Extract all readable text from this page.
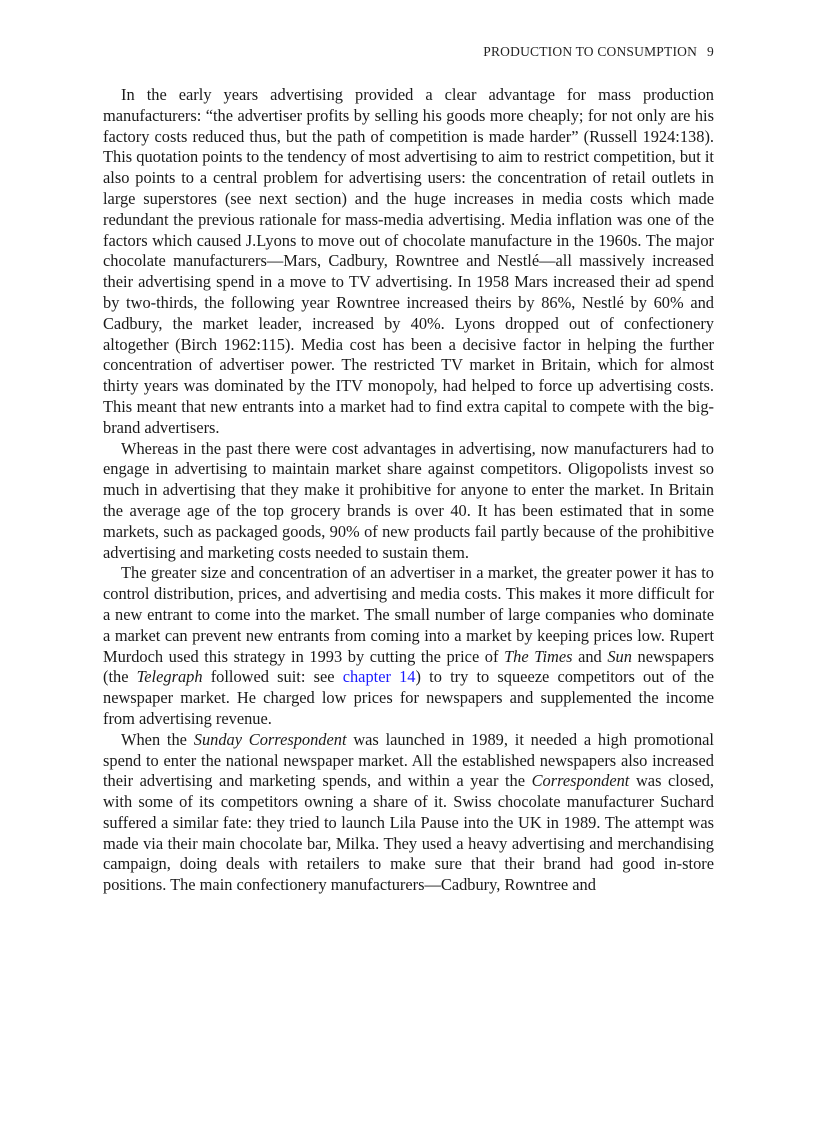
PRODUCTION TO CONSUMPTION 9

In the early years advertising provided a clear advantage for mass production manufacturers: “the advertiser profits by selling his goods more cheaply; for not only are his factory costs reduced thus, but the path of competition is made harder” (Russell 1924:138). This quotation points to the tendency of most advertising to aim to restrict competition, but it also points to a central problem for advertising users: the concentration of retail outlets in large superstores (see next section) and the huge increases in media costs which made redundant the previous rationale for mass-media advertising. Media inflation was one of the factors which caused J.Lyons to move out of chocolate manufacture in the 1960s. The major chocolate manufacturers—Mars, Cadbury, Rowntree and Nestlé—all massively increased their advertising spend in a move to TV advertising. In 1958 Mars increased their ad spend by two-thirds, the following year Rowntree increased theirs by 86%, Nestlé by 60% and Cadbury, the market leader, increased by 40%. Lyons dropped out of confectionery altogether (Birch 1962:115). Media cost has been a decisive factor in helping the further concentration of advertiser power. The restricted TV market in Britain, which for almost thirty years was dominated by the ITV monopoly, had helped to force up advertising costs. This meant that new entrants into a market had to find extra capital to compete with the big-brand advertisers.

Whereas in the past there were cost advantages in advertising, now manufacturers had to engage in advertising to maintain market share against competitors. Oligopolists invest so much in advertising that they make it prohibitive for anyone to enter the market. In Britain the average age of the top grocery brands is over 40. It has been estimated that in some markets, such as packaged goods, 90% of new products fail partly because of the prohibitive advertising and marketing costs needed to sustain them.

The greater size and concentration of an advertiser in a market, the greater power it has to control distribution, prices, and advertising and media costs. This makes it more difficult for a new entrant to come into the market. The small number of large companies who dominate a market can prevent new entrants from coming into a market by keeping prices low. Rupert Murdoch used this strategy in 1993 by cutting the price of The Times and Sun newspapers (the Telegraph followed suit: see chapter 14) to try to squeeze competitors out of the newspaper market. He charged low prices for newspapers and supplemented the income from advertising revenue.

When the Sunday Correspondent was launched in 1989, it needed a high promotional spend to enter the national newspaper market. All the established newspapers also increased their advertising and marketing spends, and within a year the Correspondent was closed, with some of its competitors owning a share of it. Swiss chocolate manufacturer Suchard suffered a similar fate: they tried to launch Lila Pause into the UK in 1989. The attempt was made via their main chocolate bar, Milka. They used a heavy advertising and merchandising campaign, doing deals with retailers to make sure that their brand had good in-store positions. The main confectionery manufacturers—Cadbury, Rowntree and
